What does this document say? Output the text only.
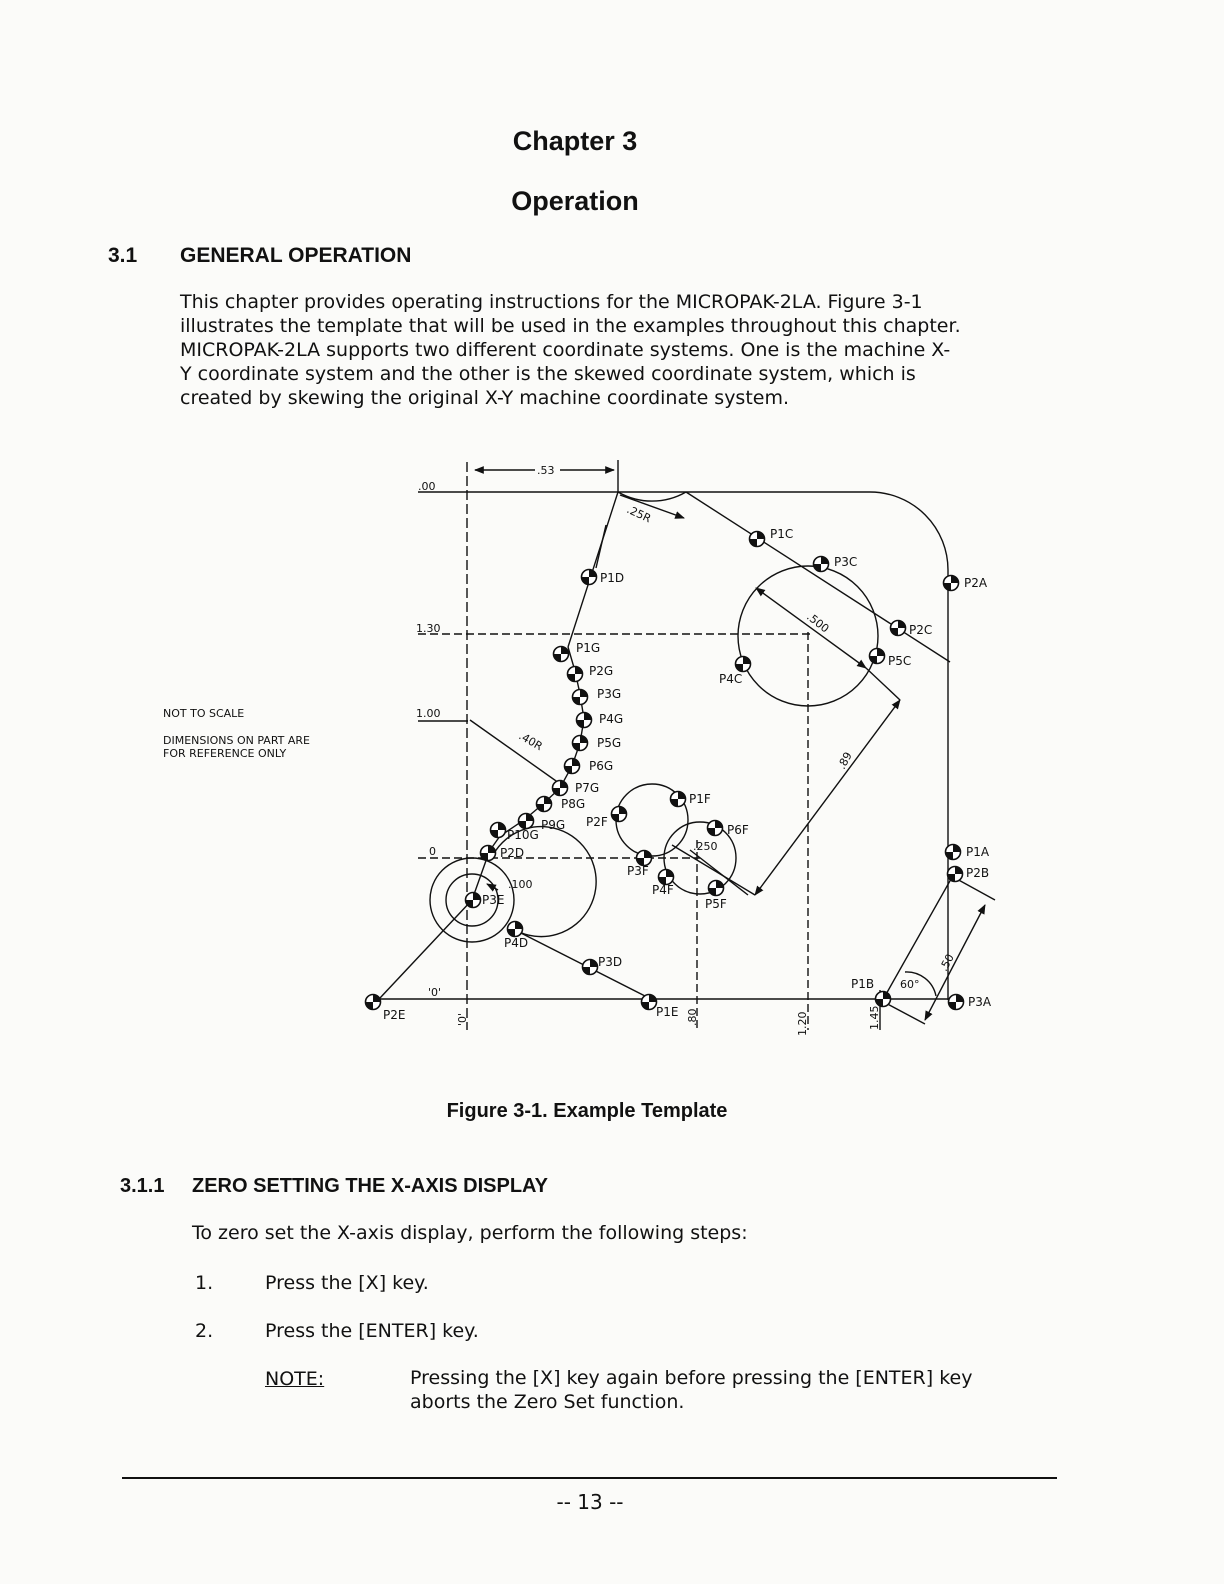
Chapter 3
Operation
3.1 GENERAL OPERATION

This chapter provides operating instructions for the MICROPAK-2LA. Figure 3-1

illustrates the template that will be used in the examples throughout this chapter.

MICROPAK-2LA supports two different coordinate systems. One is the machine X-

Y coordinate system and the other is the skewed coordinate system, which is

created by skewing the original X-Y machine coordinate system.

NOT TO SCALE
DIMENSIONS ON PART ARE
FOR REFERENCE ONLY
.53
.00
1.30
1.00
0
'0'
'0'
.25R
.40R
.500
.89
.250
.100
.50
60°
.80	1.20	1.45
P1C
P3C
P2A
P1D
P2C
P5C
P4C
P1G
P2G
P3G
P4G
P5G
P6G
P7G
P8G
P9G
P10G
P2D
P3E
P4D
P3D
P2E	P1E
P1F
P2F
P6F
P3F
P4F
P5F
P1A
P2B
P1B
P3A
Figure 3-1. Example Template
3.1.1 ZERO SETTING THE X-AXIS DISPLAY
To zero set the X-axis display, perform the following steps:
1.	Press the [X] key.
2.	Press the [ENTER] key.
NOTE:	Pressing the [X] key again before pressing the [ENTER] key

aborts the Zero Set function.

-- 13 --
